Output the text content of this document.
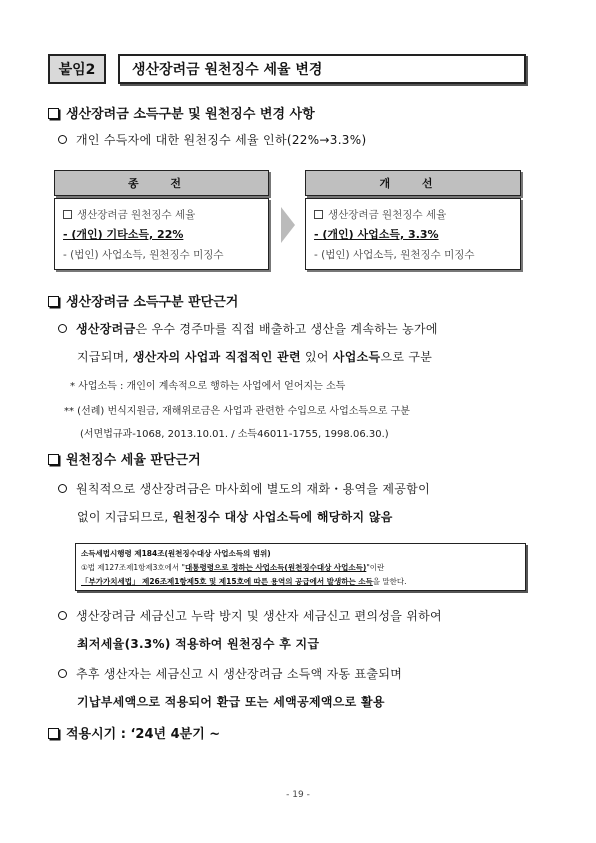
붙임2	생산장려금 원천징수 세율 변경
생산장려금 소득구분 및 원천징수 변경 사항
개인 수득자에 대한 원천징수 세율 인하(22%→3.3%)
종 전
생산장려금 원천징수 세율
- (개인) 기타소득, 22%
- (법인) 사업소득, 원천징수 미징수
개 선
생산장려금 원천징수 세율
- (개인) 사업소득, 3.3%
- (법인) 사업소득, 원천징수 미징수
생산장려금 소득구분 판단근거
생산장려금은 우수 경주마를 직접 배출하고 생산을 계속하는 농가에
지급되며, 생산자의 사업과 직접적인 관련 있어 사업소득으로 구분
* 사업소득 : 개인이 계속적으로 행하는 사업에서 얻어지는 소득
** (선례) 번식지원금, 재해위로금은 사업과 관련한 수입으로 사업소득으로 구분
(서면법규과-1068, 2013.10.01. / 소득46011-1755, 1998.06.30.)
원천징수 세율 판단근거
원칙적으로 생산장려금은 마사회에 별도의 재화・용역을 제공함이
없이 지급되므로, 원천징수 대상 사업소득에 해당하지 않음
소득세법시행령 제184조(원천징수대상 사업소득의 범위)
①법 제127조제1항제3호에서 "대통령령으로 정하는 사업소득(원천징수대상 사업소득)"이란
「부가가치세법」 제26조제1항제5호 및 제15호에 따른 용역의 공급에서 발생하는 소득을 말한다.
생산장려금 세금신고 누락 방지 및 생산자 세금신고 편의성을 위하여
최저세율(3.3%) 적용하여 원천징수 후 지급
추후 생산자는 세금신고 시 생산장려금 소득액 자동 표출되며
기납부세액으로 적용되어 환급 또는 세액공제액으로 활용
적용시기 : ‘24년 4분기 ~
- 19 -
